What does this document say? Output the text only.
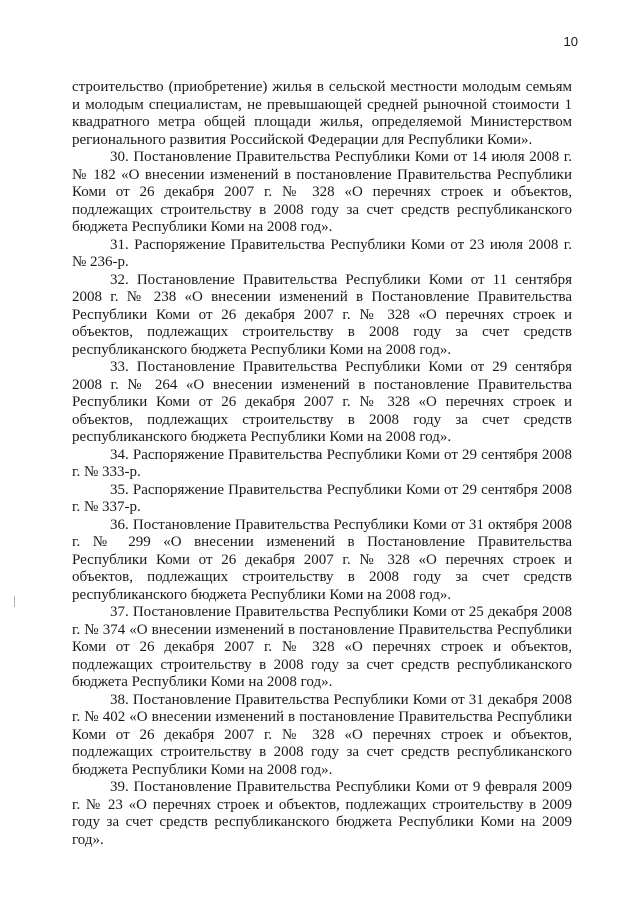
10

строительство (приобретение) жилья в сельской местности молодым семьям и молодым специалистам, не превышающей средней рыночной стоимости 1 квадратного метра общей площади жилья, определяемой Министерством регионального развития Российской Федерации для Республики Коми».

30. Постановление Правительства Республики Коми от 14 июля 2008 г. № 182 «О внесении изменений в постановление Правительства Республики Коми от 26 декабря 2007 г. № 328 «О перечнях строек и объектов, подлежащих строительству в 2008 году за счет средств республиканского бюджета Республики Коми на 2008 год».

31. Распоряжение Правительства Республики Коми от 23 июля 2008 г. № 236-р.

32. Постановление Правительства Республики Коми от 11 сентября 2008 г. № 238 «О внесении изменений в Постановление Правительства Республики Коми от 26 декабря 2007 г. № 328 «О перечнях строек и объектов, подлежащих строительству в 2008 году за счет средств республиканского бюджета Республики Коми на 2008 год».

33. Постановление Правительства Республики Коми от 29 сентября 2008 г. № 264 «О внесении изменений в постановление Правительства Республики Коми от 26 декабря 2007 г. № 328 «О перечнях строек и объектов, подлежащих строительству в 2008 году за счет средств республиканского бюджета Республики Коми на 2008 год».

34. Распоряжение Правительства Республики Коми от 29 сентября 2008 г. № 333-р.

35. Распоряжение Правительства Республики Коми от 29 сентября 2008 г. № 337-р.

36. Постановление Правительства Республики Коми от 31 октября 2008 г. № 299 «О внесении изменений в Постановление Правительства Республики Коми от 26 декабря 2007 г. № 328 «О перечнях строек и объектов, подлежащих строительству в 2008 году за счет средств республиканского бюджета Республики Коми на 2008 год».

37. Постановление Правительства Республики Коми от 25 декабря 2008 г. № 374 «О внесении изменений в постановление Правительства Республики Коми от 26 декабря 2007 г. № 328 «О перечнях строек и объектов, подлежащих строительству в 2008 году за счет средств республиканского бюджета Республики Коми на 2008 год».

38. Постановление Правительства Республики Коми от 31 декабря 2008 г. № 402 «О внесении изменений в постановление Правительства Республики Коми от 26 декабря 2007 г. № 328 «О перечнях строек и объектов, подлежащих строительству в 2008 году за счет средств республиканского бюджета Республики Коми на 2008 год».

39. Постановление Правительства Республики Коми от 9 февраля 2009 г. № 23 «О перечнях строек и объектов, подлежащих строительству в 2009 году за счет средств республиканского бюджета Республики Коми на 2009 год».
